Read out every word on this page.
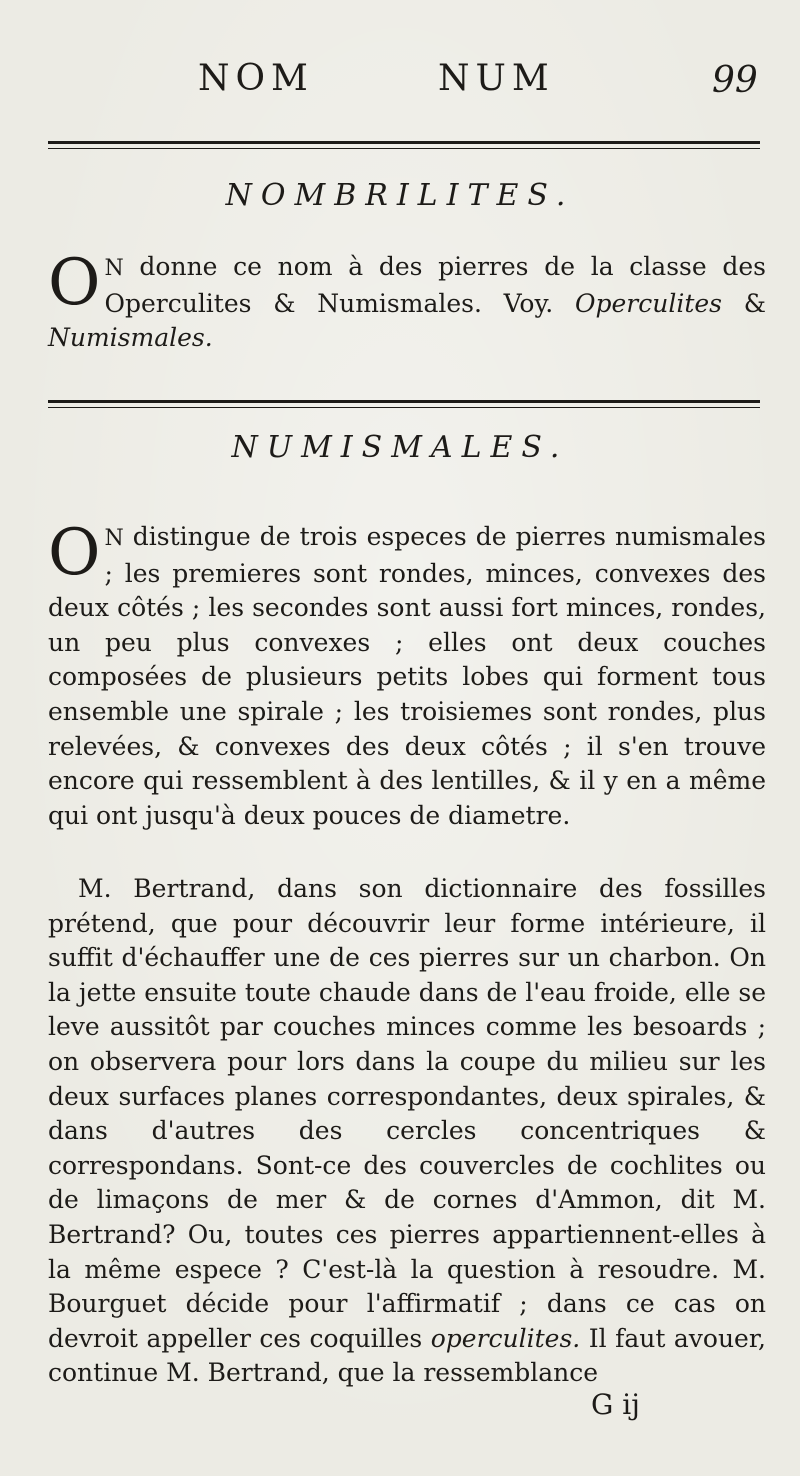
NOM	NUM	99
NOMBRILITES.

O N donne ce nom à des pierres de la classe des Operculites & Numismales. Voy. Operculites & Numismales.

NUMISMALES.

O N distingue de trois especes de pierres numismales ; les premieres sont rondes, minces, convexes des deux côtés ; les secondes sont aussi fort minces, rondes, un peu plus convexes ; elles ont deux couches composées de plusieurs petits lobes qui forment tous ensemble une spirale ; les troisiemes sont rondes, plus relevées, & convexes des deux côtés ; il s'en trouve encore qui ressemblent à des lentilles, & il y en a même qui ont jusqu'à deux pouces de diametre.

M. Bertrand, dans son dictionnaire des fossilles prétend, que pour découvrir leur forme intérieure, il suffit d'échauffer une de ces pierres sur un charbon. On la jette ensuite toute chaude dans de l'eau froide, elle se leve aussitôt par couches minces comme les besoards ; on observera pour lors dans la coupe du milieu sur les deux surfaces planes correspondantes, deux spirales, & dans d'autres des cercles concentriques & correspondans. Sont-ce des couvercles de cochlites ou de limaçons de mer & de cornes d'Ammon, dit M. Bertrand? Ou, toutes ces pierres appartiennent-elles à la même espece ? C'est-là la question à resoudre. M. Bourguet décide pour l'affirmatif ; dans ce cas on devroit appeller ces coquilles operculites. Il faut avouer, continue M. Bertrand, que la ressemblance

G ij
